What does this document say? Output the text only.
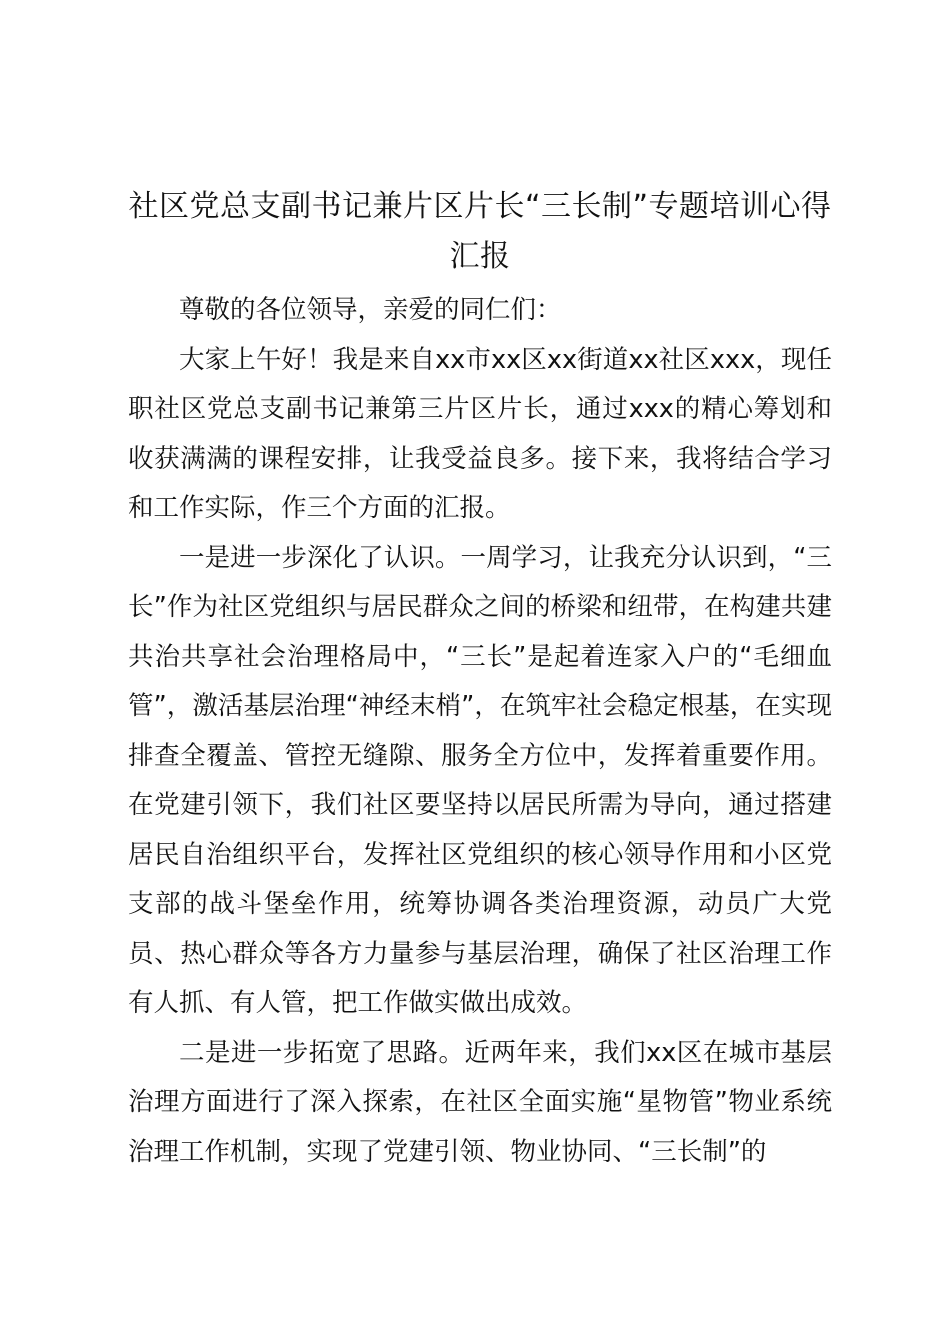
社区党总支副书记兼片区片长“三长制”专题培训心得汇报

尊敬的各位领导，亲爱的同仁们：

大家上午好！我是来自xx市xx区xx街道xx社区xxx，现任职社区党总支副书记兼第三片区片长，通过xxx的精心筹划和收获满满的课程安排，让我受益良多。接下来，我将结合学习和工作实际，作三个方面的汇报。

一是进一步深化了认识。一周学习，让我充分认识到，“三长”作为社区党组织与居民群众之间的桥梁和纽带，在构建共建共治共享社会治理格局中，“三长”是起着连家入户的“毛细血管”，激活基层治理“神经末梢”，在筑牢社会稳定根基，在实现排查全覆盖、管控无缝隙、服务全方位中，发挥着重要作用。在党建引领下，我们社区要坚持以居民所需为导向，通过搭建居民自治组织平台，发挥社区党组织的核心领导作用和小区党支部的战斗堡垒作用，统筹协调各类治理资源，动员广大党员、热心群众等各方力量参与基层治理，确保了社区治理工作有人抓、有人管，把工作做实做出成效。

二是进一步拓宽了思路。近两年来，我们xx区在城市基层治理方面进行了深入探索，在社区全面实施“星物管”物业系统治理工作机制，实现了党建引领、物业协同、“三长制”的
